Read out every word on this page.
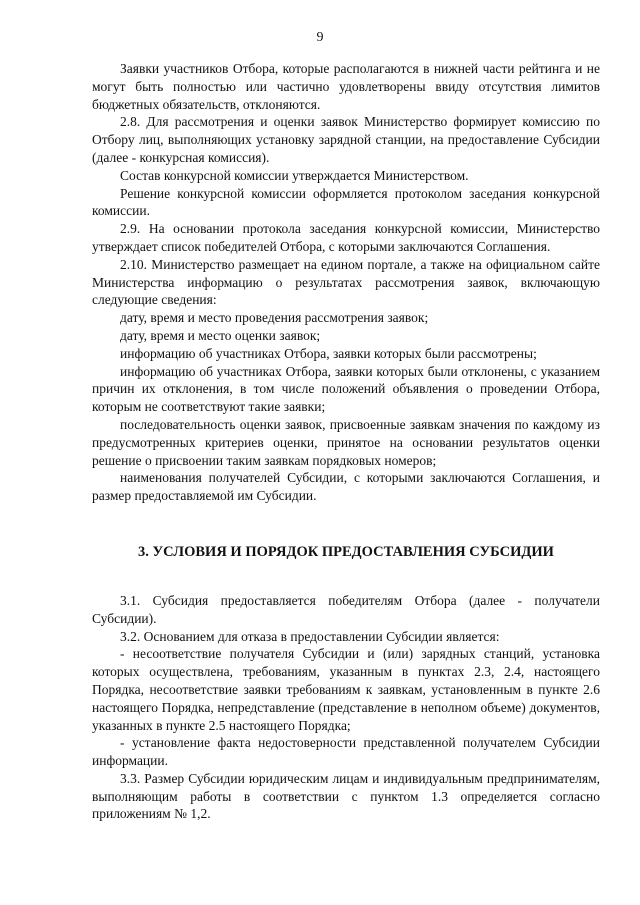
9

Заявки участников Отбора, которые располагаются в нижней части рейтинга и не могут быть полностью или частично удовлетворены ввиду отсутствия лимитов бюджетных обязательств, отклоняются.

2.8. Для рассмотрения и оценки заявок Министерство формирует комиссию по Отбору лиц, выполняющих установку зарядной станции, на предоставление Субсидии (далее - конкурсная комиссия).

Состав конкурсной комиссии утверждается Министерством.

Решение конкурсной комиссии оформляется протоколом заседания конкурсной комиссии.

2.9. На основании протокола заседания конкурсной комиссии, Министерство утверждает список победителей Отбора, с которыми заключаются Соглашения.

2.10. Министерство размещает на едином портале, а также на официальном сайте Министерства информацию о результатах рассмотрения заявок, включающую следующие сведения:

дату, время и место проведения рассмотрения заявок;

дату, время и место оценки заявок;

информацию об участниках Отбора, заявки которых были рассмотрены;

информацию об участниках Отбора, заявки которых были отклонены, с указанием причин их отклонения, в том числе положений объявления о проведении Отбора, которым не соответствуют такие заявки;

последовательность оценки заявок, присвоенные заявкам значения по каждому из предусмотренных критериев оценки, принятое на основании результатов оценки решение о присвоении таким заявкам порядковых номеров;

наименования получателей Субсидии, с которыми заключаются Соглашения, и размер предоставляемой им Субсидии.

3. УСЛОВИЯ И ПОРЯДОК ПРЕДОСТАВЛЕНИЯ СУБСИДИИ

3.1. Субсидия предоставляется победителям Отбора (далее - получатели Субсидии).

3.2. Основанием для отказа в предоставлении Субсидии является:

- несоответствие получателя Субсидии и (или) зарядных станций, установка которых осуществлена, требованиям, указанным в пунктах 2.3, 2.4, настоящего Порядка, несоответствие заявки требованиям к заявкам, установленным в пункте 2.6 настоящего Порядка, непредставление (представление в неполном объеме) документов, указанных в пункте 2.5 настоящего Порядка;

- установление факта недостоверности представленной получателем Субсидии информации.

3.3. Размер Субсидии юридическим лицам и индивидуальным предпринимателям, выполняющим работы в соответствии с пунктом 1.3 определяется согласно приложениям № 1,2.
